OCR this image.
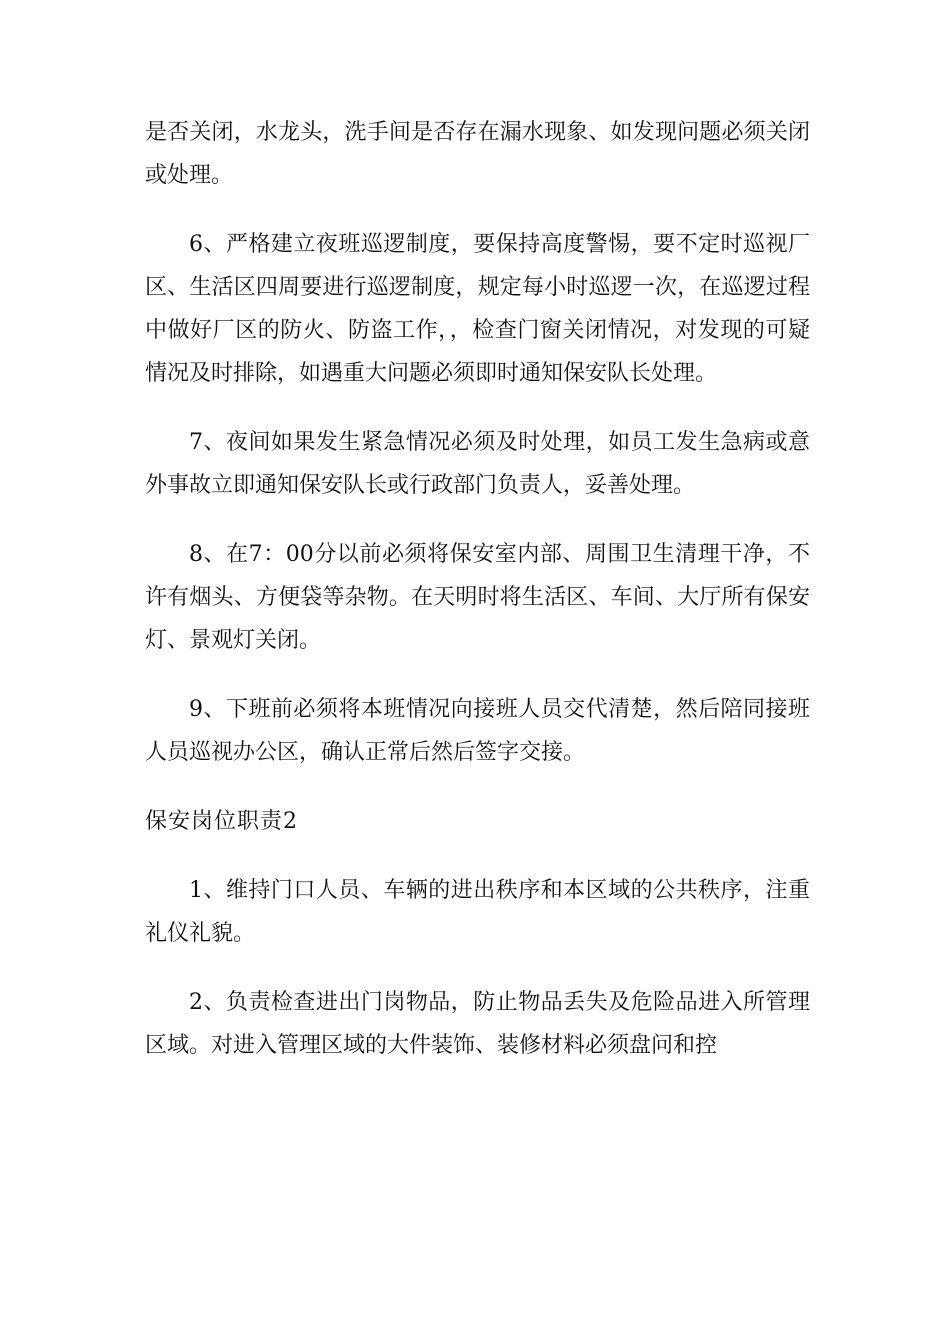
是否关闭，水龙头，洗手间是否存在漏水现象、如发现问题必须关闭或处理。

6、严格建立夜班巡逻制度，要保持高度警惕，要不定时巡视厂区、生活区四周要进行巡逻制度，规定每小时巡逻一次，在巡逻过程中做好厂区的防火、防盗工作，，检查门窗关闭情况，对发现的可疑情况及时排除，如遇重大问题必须即时通知保安队长处理。

7、夜间如果发生紧急情况必须及时处理，如员工发生急病或意外事故立即通知保安队长或行政部门负责人，妥善处理。

8、在7：00分以前必须将保安室内部、周围卫生清理干净，不许有烟头、方便袋等杂物。在天明时将生活区、车间、大厅所有保安灯、景观灯关闭。

9、下班前必须将本班情况向接班人员交代清楚，然后陪同接班人员巡视办公区，确认正常后然后签字交接。

保安岗位职责2

1、维持门口人员、车辆的进出秩序和本区域的公共秩序，注重礼仪礼貌。

2、负责检查进出门岗物品，防止物品丢失及危险品进入所管理区域。对进入管理区域的大件装饰、装修材料必须盘问和控
